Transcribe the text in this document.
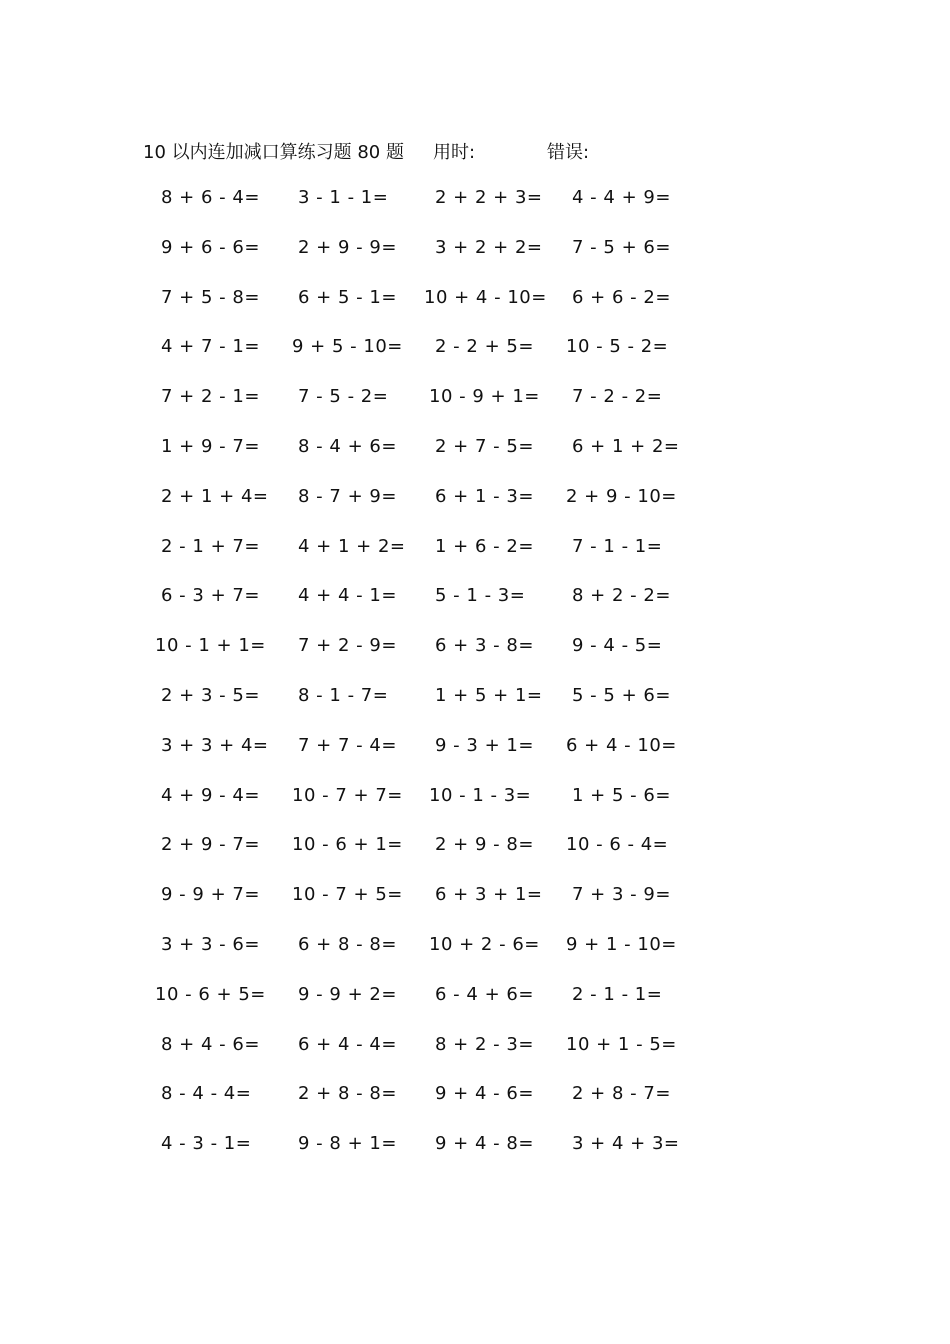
10 以内连加减口算练习题 80 题 用时:	错误:
8 + 6 - 4= 3 - 1 - 1=	2 + 2 + 3= 4 - 4 + 9=
9 + 6 - 6= 2 + 9 - 9= 3 + 2 + 2= 7 - 5 + 6=
7 + 5 - 8= 6 + 5 - 1= 10 + 4 - 10= 6 + 6 - 2=
4 + 7 - 1= 9 + 5 - 10= 2 - 2 + 5= 10 - 5 - 2=
7 + 2 - 1= 7 - 5 - 2= 10 - 9 + 1= 7 - 2 - 2=
1 + 9 - 7= 8 - 4 + 6= 2 + 7 - 5= 6 + 1 + 2=
2 + 1 + 4= 8 - 7 + 9= 6 + 1 - 3= 2 + 9 - 10=
2 - 1 + 7= 4 + 1 + 2= 1 + 6 - 2= 7 - 1 - 1=
6 - 3 + 7= 4 + 4 - 1= 5 - 1 - 3=	8 + 2 - 2=
10 - 1 + 1= 7 + 2 - 9= 6 + 3 - 8= 9 - 4 - 5=
2 + 3 - 5= 8 - 1 - 7=	1 + 5 + 1= 5 - 5 + 6=
3 + 3 + 4= 7 + 7 - 4= 9 - 3 + 1= 6 + 4 - 10=
4 + 9 - 4= 10 - 7 + 7= 10 - 1 - 3= 1 + 5 - 6=
2 + 9 - 7= 10 - 6 + 1= 2 + 9 - 8= 10 - 6 - 4=
9 - 9 + 7= 10 - 7 + 5= 6 + 3 + 1= 7 + 3 - 9=
3 + 3 - 6= 6 + 8 - 8= 10 + 2 - 6= 9 + 1 - 10=
10 - 6 + 5= 9 - 9 + 2= 6 - 4 + 6= 2 - 1 - 1=
8 + 4 - 6= 6 + 4 - 4= 8 + 2 - 3= 10 + 1 - 5=
8 - 4 - 4=	2 + 8 - 8= 9 + 4 - 6= 2 + 8 - 7=
4 - 3 - 1=	9 - 8 + 1= 9 + 4 - 8= 3 + 4 + 3=
